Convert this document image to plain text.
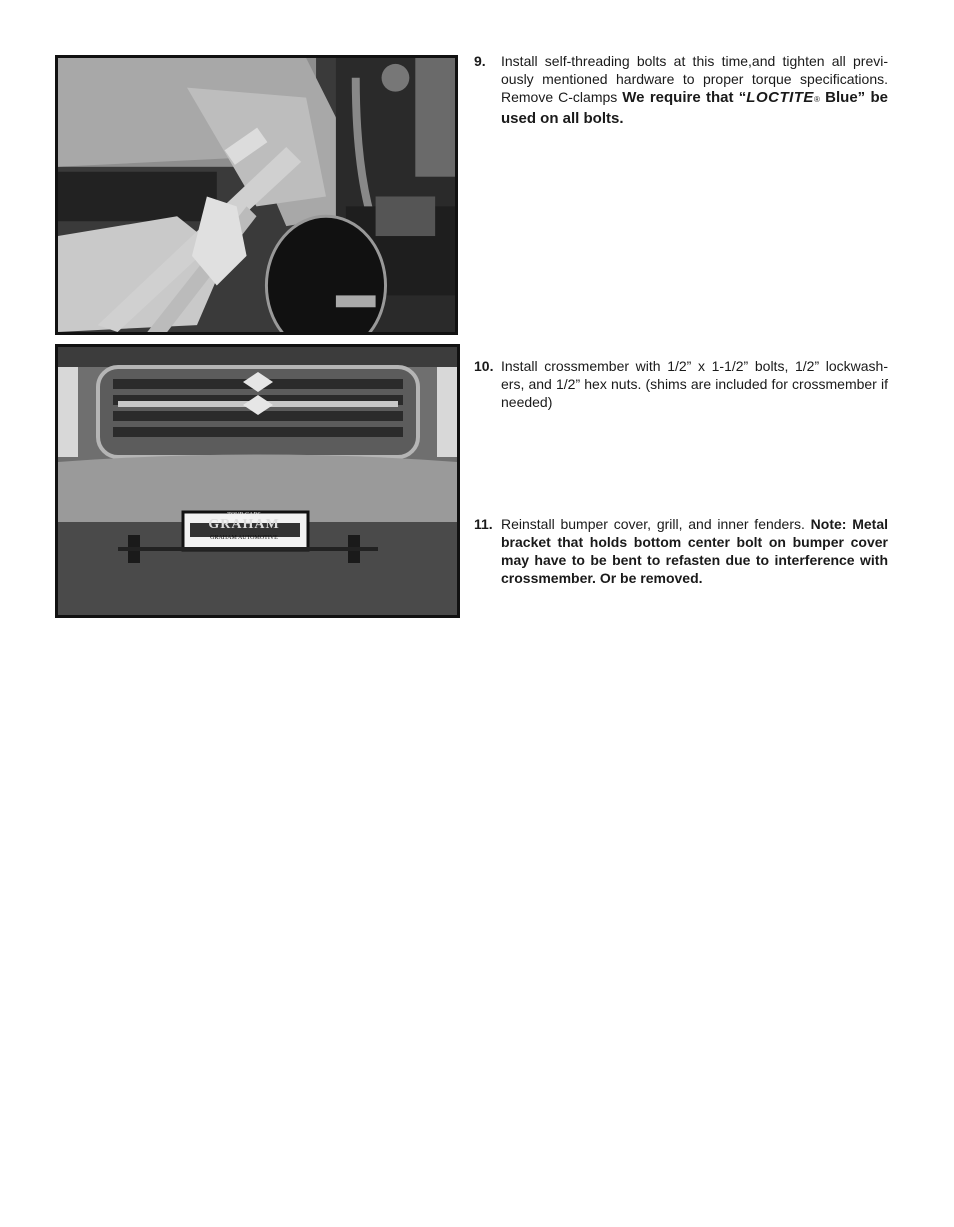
9. Install self-threading bolts at this time,and tighten all previ-ously mentioned hardware to proper torque specifications. Remove C-clamps We require that “LOCTITE® Blue” be used on all bolts.
10. Install crossmember with 1/2” x 1-1/2” bolts, 1/2” lockwash-ers, and 1/2” hex nuts. (shims are included for crossmember if needed)
11. Reinstall bumper cover, grill, and inner fenders. Note: Metal bracket that holds bottom center bolt on bumper cover may have to be bent to refasten due to interference with crossmember. Or be removed.
TOUR CARS
GRAHAM
GRAHAM AUTOMOTIVE
